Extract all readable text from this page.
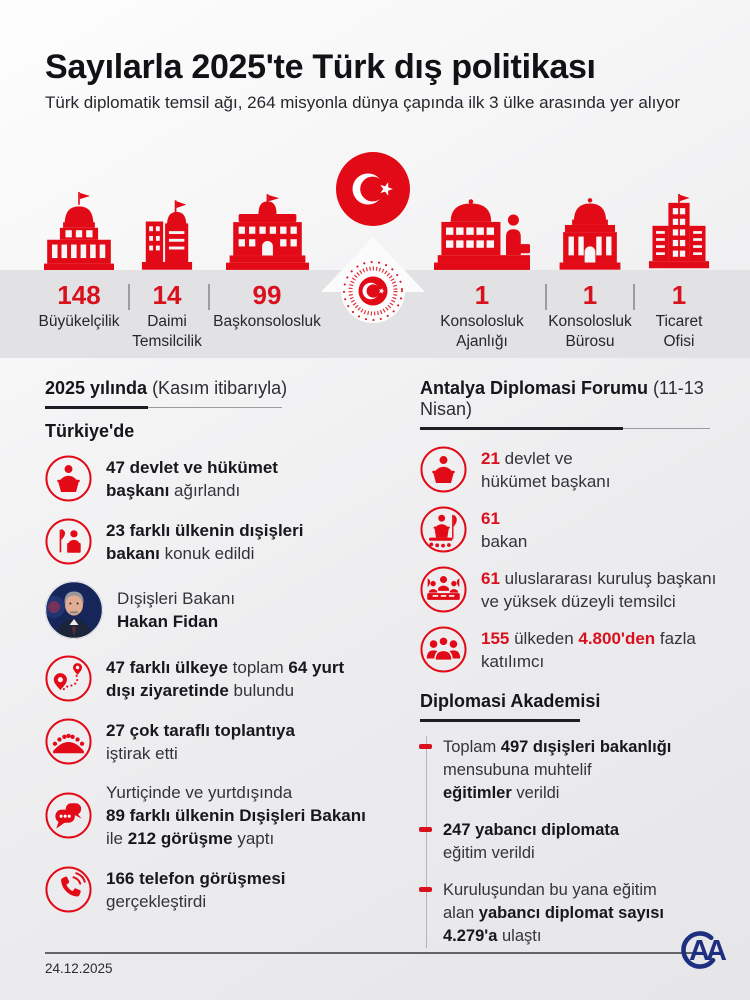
Sayılarla 2025'te Türk dış politikası
Türk diplomatik temsil ağı, 264 misyonla dünya çapında ilk 3 ülke arasında yer alıyor
148
Büyükelçilik
14
Daimi
Temsilcilik
99
Başkonsolosluk
1
Konsolosluk
Ajanlığı
1
Konsolosluk
Bürosu
1
Ticaret
Ofisi
2025 yılında (Kasım itibarıyla)
Türkiye'de
47 devlet ve hükümet
başkanı ağırlandı
23 farklı ülkenin dışişleri
bakanı konuk edildi
Dışişleri Bakanı
Hakan Fidan
47 farklı ülkeye toplam 64 yurt
dışı ziyaretinde bulundu
27 çok taraflı toplantıya
iştirak etti
Yurtiçinde ve yurtdışında
89 farklı ülkenin Dışişleri Bakanı
ile 212 görüşme yaptı
166 telefon görüşmesi
gerçekleştirdi
Antalya Diplomasi Forumu (11-13 Nisan)
21 devlet ve
hükümet başkanı
61
bakan
61 uluslararası kuruluş başkanı
ve yüksek düzeyli temsilci
155 ülkeden 4.800'den fazla
katılımcı
Diplomasi Akademisi
Toplam 497 dışişleri bakanlığı
mensubuna muhtelif
eğitimler verildi
247 yabancı diplomata
eğitim verildi
Kuruluşundan bu yana eğitim
alan yabancı diplomat sayısı
4.279'a ulaştı
24.12.2025
AA
